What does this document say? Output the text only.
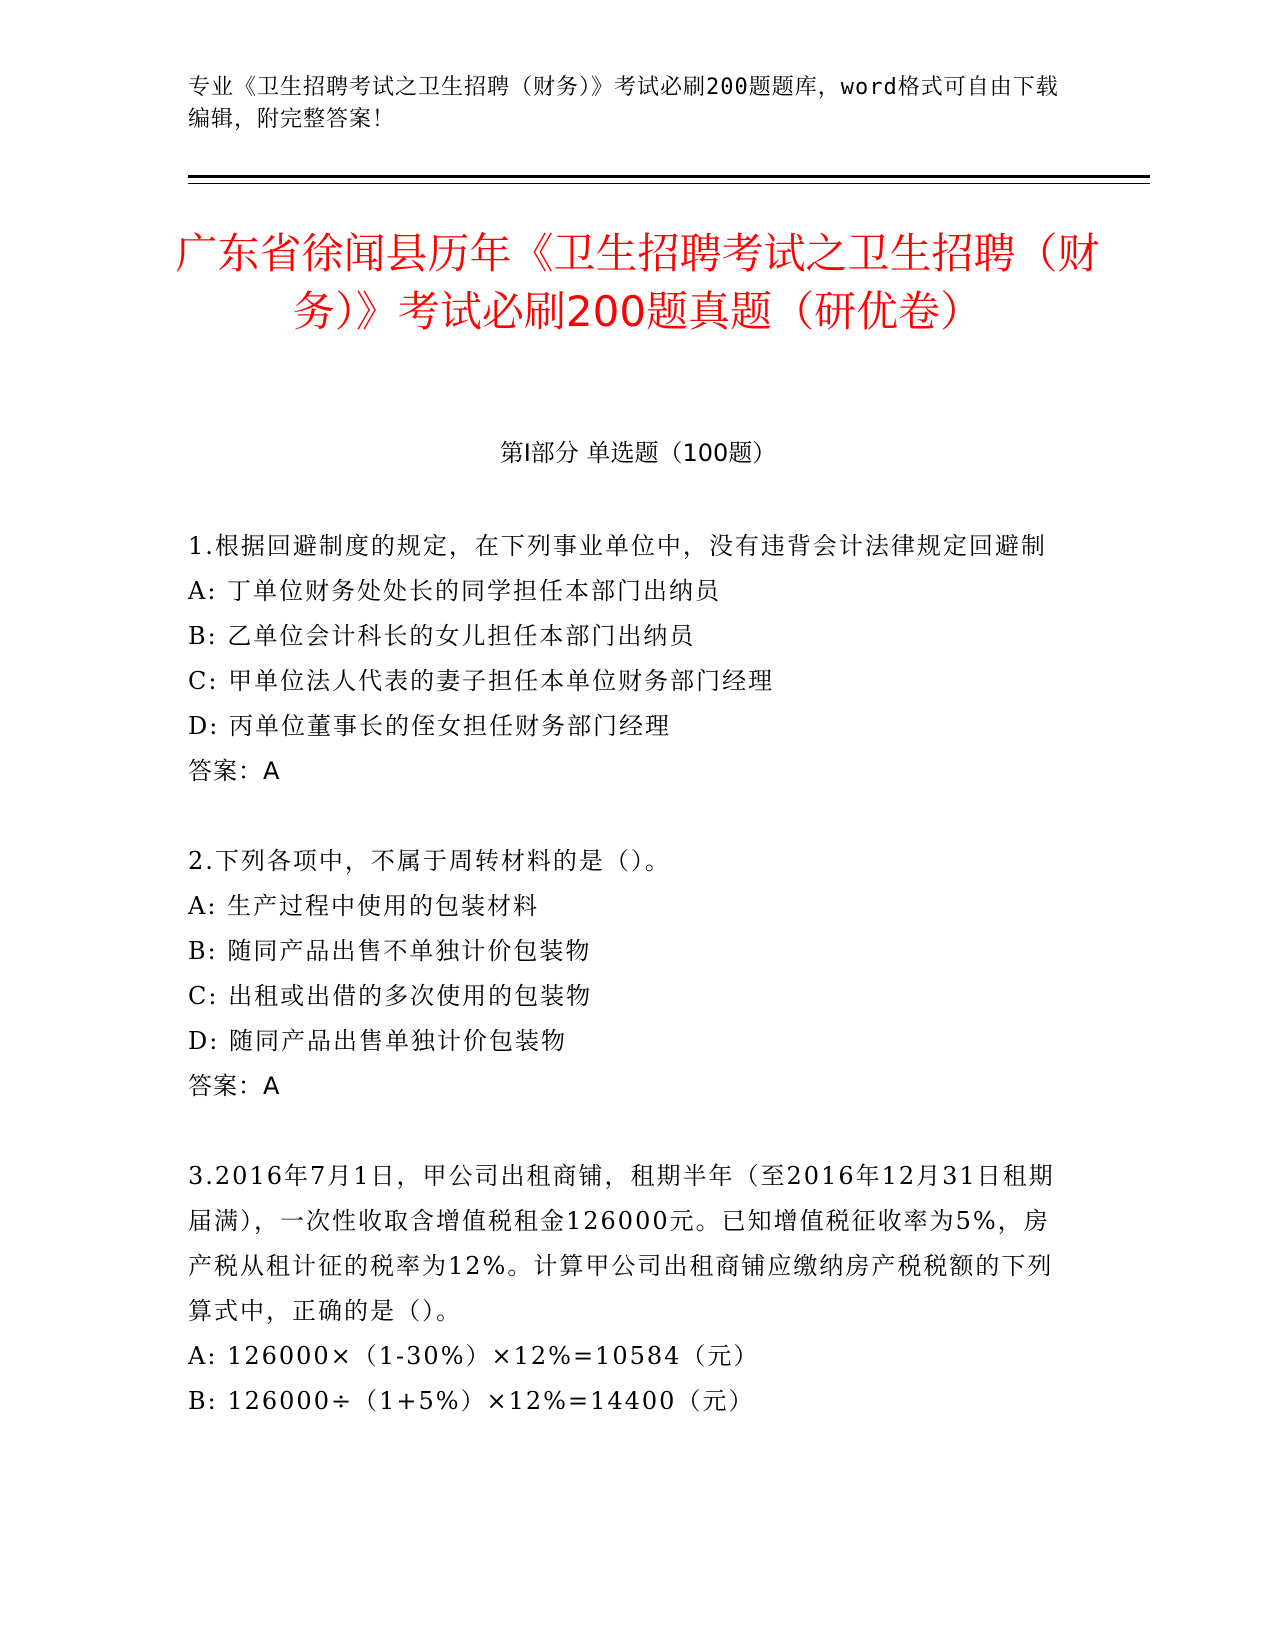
专业《卫生招聘考试之卫生招聘（财务）》考试必刷200题题库，word格式可自由下载编辑，附完整答案！
广东省徐闻县历年《卫生招聘考试之卫生招聘（财务）》考试必刷200题真题（研优卷）
第I部分 单选题（100题）

1.根据回避制度的规定，在下列事业单位中，没有违背会计法律规定回避制

A: 丁单位财务处处长的同学担任本部门出纳员

B: 乙单位会计科长的女儿担任本部门出纳员

C: 甲单位法人代表的妻子担任本单位财务部门经理

D: 丙单位董事长的侄女担任财务部门经理

答案：A

2.下列各项中，不属于周转材料的是（）。

A: 生产过程中使用的包装材料

B: 随同产品出售不单独计价包装物

C: 出租或出借的多次使用的包装物

D: 随同产品出售单独计价包装物

答案：A

3.2016年7月1日，甲公司出租商铺，租期半年（至2016年12月31日租期届满），一次性收取含增值税租金126000元。已知增值税征收率为5%，房产税从租计征的税率为12%。计算甲公司出租商铺应缴纳房产税税额的下列算式中，正确的是（）。

A: 126000×（1-30%）×12%=10584（元）

B: 126000÷（1+5%）×12%=14400（元）
